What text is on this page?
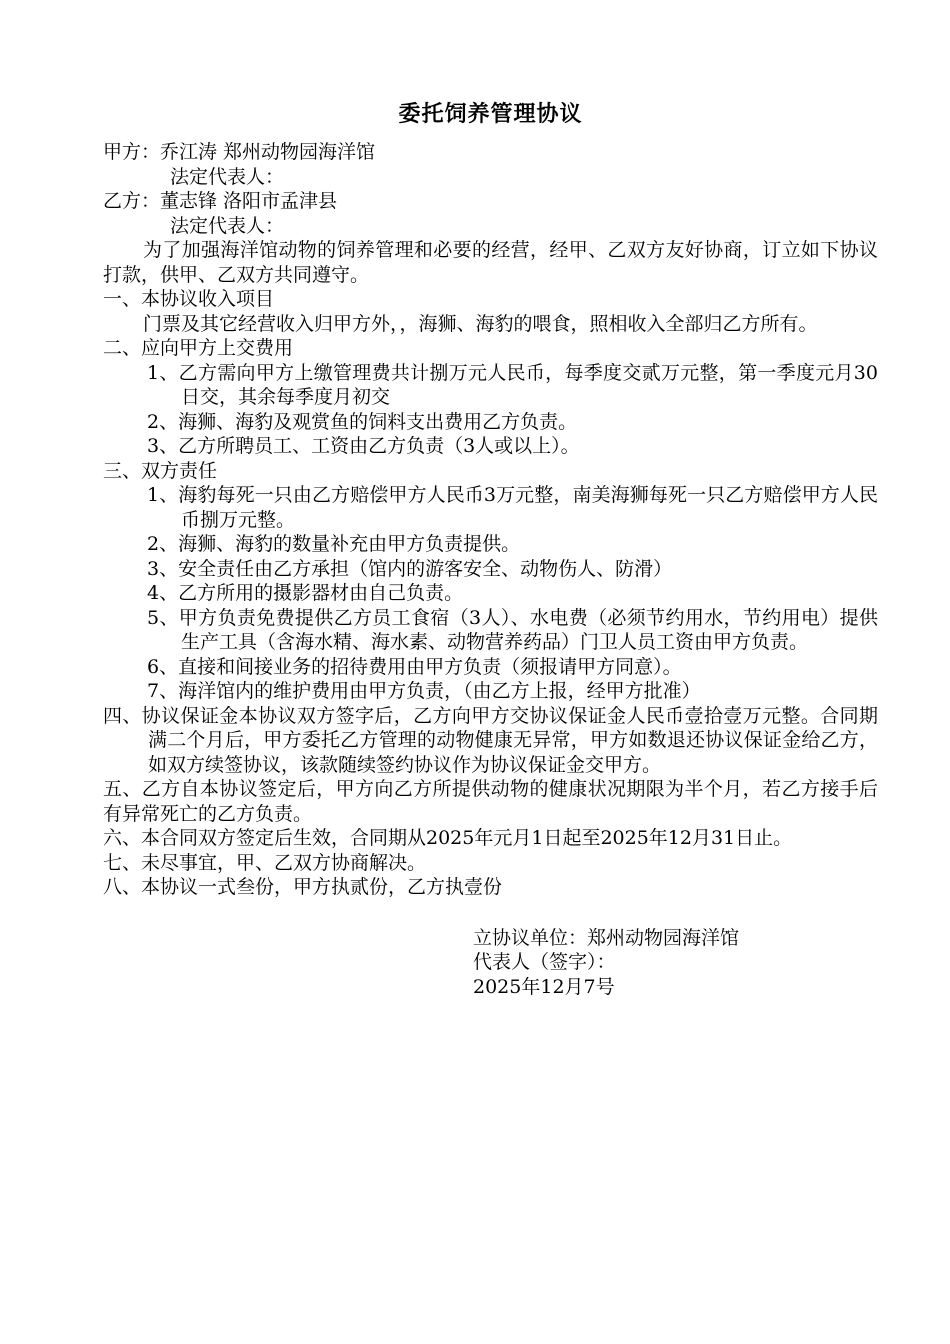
委托饲养管理协议

甲方：乔江涛 郑州动物园海洋馆

法定代表人：

乙方：董志锋 洛阳市孟津县

法定代表人：

为了加强海洋馆动物的饲养管理和必要的经营，经甲、乙双方友好协商，订立如下协议打款，供甲、乙双方共同遵守。

一、本协议收入项目

门票及其它经营收入归甲方外，，海狮、海豹的喂食，照相收入全部归乙方所有。

二、应向甲方上交费用

1、乙方需向甲方上缴管理费共计捌万元人民币，每季度交贰万元整，第一季度元月30日交，其余每季度月初交

2、海狮、海豹及观赏鱼的饲料支出费用乙方负责。

3、乙方所聘员工、工资由乙方负责（3人或以上）。

三、双方责任

1、海豹每死一只由乙方赔偿甲方人民币3万元整，南美海狮每死一只乙方赔偿甲方人民币捌万元整。

2、海狮、海豹的数量补充由甲方负责提供。

3、安全责任由乙方承担（馆内的游客安全、动物伤人、防滑）

4、乙方所用的摄影器材由自己负责。

5、甲方负责免费提供乙方员工食宿（3人）、水电费（必须节约用水，节约用电）提供生产工具（含海水精、海水素、动物营养药品）门卫人员工资由甲方负责。

6、直接和间接业务的招待费用由甲方负责（须报请甲方同意）。

7、海洋馆内的维护费用由甲方负责，（由乙方上报，经甲方批准）

四、协议保证金本协议双方签字后，乙方向甲方交协议保证金人民币壹拾壹万元整。合同期满二个月后，甲方委托乙方管理的动物健康无异常，甲方如数退还协议保证金给乙方，如双方续签协议，该款随续签约协议作为协议保证金交甲方。

五、乙方自本协议签定后，甲方向乙方所提供动物的健康状况期限为半个月，若乙方接手后有异常死亡的乙方负责。

六、本合同双方签定后生效，合同期从2025年元月1日起至2025年12月31日止。

七、未尽事宜，甲、乙双方协商解决。

八、本协议一式叁份，甲方执贰份，乙方执壹份

立协议单位：郑州动物园海洋馆
代表人（签字）：
2025年12月7号
